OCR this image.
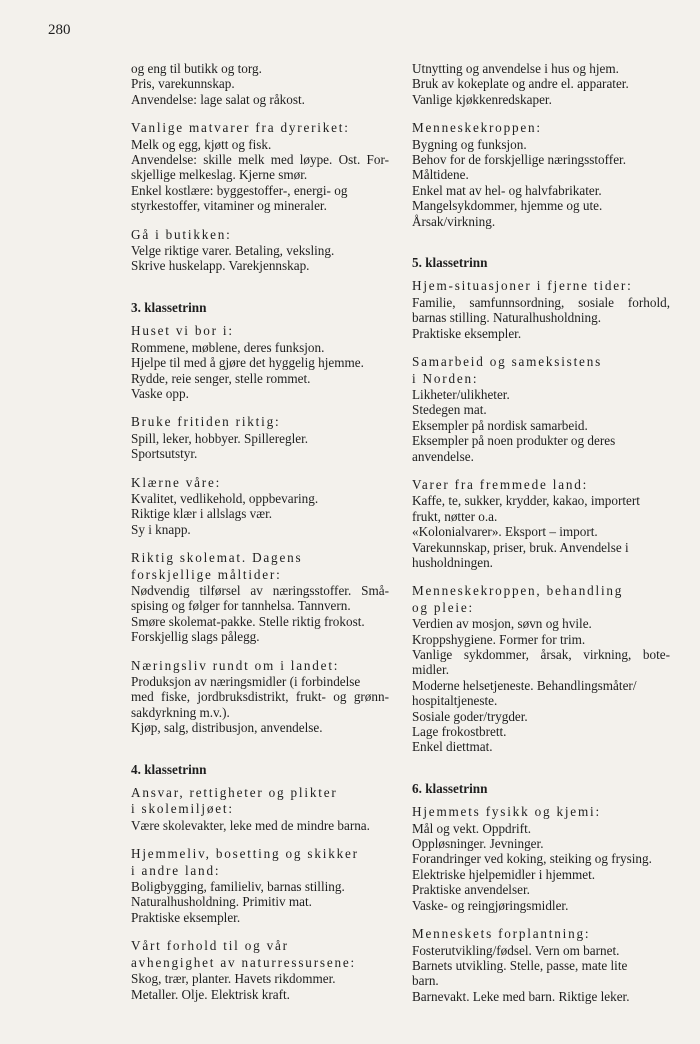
280
og eng til butikk og torg.
Pris, varekunnskap.
Anvendelse: lage salat og råkost.
Vanlige matvarer fra dyreriket:
Melk og egg, kjøtt og fisk.
Anvendelse: skille melk med løype. Ost. For-
skjellige melkeslag. Kjerne smør.
Enkel kostlære: byggestoffer-, energi- og
styrkestoffer, vitaminer og mineraler.
Gå i butikken:
Velge riktige varer. Betaling, veksling.
Skrive huskelapp. Varekjennskap.
3. klassetrinn
Huset vi bor i:
Rommene, møblene, deres funksjon.
Hjelpe til med å gjøre det hyggelig hjemme.
Rydde, reie senger, stelle rommet.
Vaske opp.
Bruke fritiden riktig:
Spill, leker, hobbyer. Spilleregler.
Sportsutstyr.
Klærne våre:
Kvalitet, vedlikehold, oppbevaring.
Riktige klær i allslags vær.
Sy i knapp.
Riktig skolemat. Dagens
forskjellige måltider:
Nødvendig tilførsel av næringsstoffer. Små-
spising og følger for tannhelsa. Tannvern.
Smøre skolemat-pakke. Stelle riktig frokost.
Forskjellig slags pålegg.
Næringsliv rundt om i landet:
Produksjon av næringsmidler (i forbindelse
med fiske, jordbruksdistrikt, frukt- og grønn-
sakdyrkning m.v.).
Kjøp, salg, distribusjon, anvendelse.
4. klassetrinn
Ansvar, rettigheter og plikter
i skolemiljøet:
Være skolevakter, leke med de mindre barna.
Hjemmeliv, bosetting og skikker
i andre land:
Boligbygging, familieliv, barnas stilling.
Naturalhusholdning. Primitiv mat.
Praktiske eksempler.
Vårt forhold til og vår
avhengighet av naturressursene:
Skog, trær, planter. Havets rikdommer.
Metaller. Olje. Elektrisk kraft.
Utnytting og anvendelse i hus og hjem.
Bruk av kokeplate og andre el. apparater.
Vanlige kjøkkenredskaper.
Menneskekroppen:
Bygning og funksjon.
Behov for de forskjellige næringsstoffer.
Måltidene.
Enkel mat av hel- og halvfabrikater.
Mangelsykdommer, hjemme og ute.
Årsak/virkning.
5. klassetrinn
Hjem-situasjoner i fjerne tider:
Familie, samfunnsordning, sosiale forhold,
barnas stilling. Naturalhusholdning.
Praktiske eksempler.
Samarbeid og sameksistens
i Norden:
Likheter/ulikheter.
Stedegen mat.
Eksempler på nordisk samarbeid.
Eksempler på noen produkter og deres
anvendelse.
Varer fra fremmede land:
Kaffe, te, sukker, krydder, kakao, importert
frukt, nøtter o.a.
«Kolonialvarer». Eksport – import.
Varekunnskap, priser, bruk. Anvendelse i
husholdningen.
Menneskekroppen, behandling
og pleie:
Verdien av mosjon, søvn og hvile.
Kroppshygiene. Former for trim.
Vanlige sykdommer, årsak, virkning, bote-
midler.
Moderne helsetjeneste. Behandlingsmåter/
hospitaltjeneste.
Sosiale goder/trygder.
Lage frokostbrett.
Enkel diettmat.
6. klassetrinn
Hjemmets fysikk og kjemi:
Mål og vekt. Oppdrift.
Oppløsninger. Jevninger.
Forandringer ved koking, steiking og frysing.
Elektriske hjelpemidler i hjemmet.
Praktiske anvendelser.
Vaske- og reingjøringsmidler.
Menneskets forplantning:
Fosterutvikling/fødsel. Vern om barnet.
Barnets utvikling. Stelle, passe, mate lite
barn.
Barnevakt. Leke med barn. Riktige leker.
